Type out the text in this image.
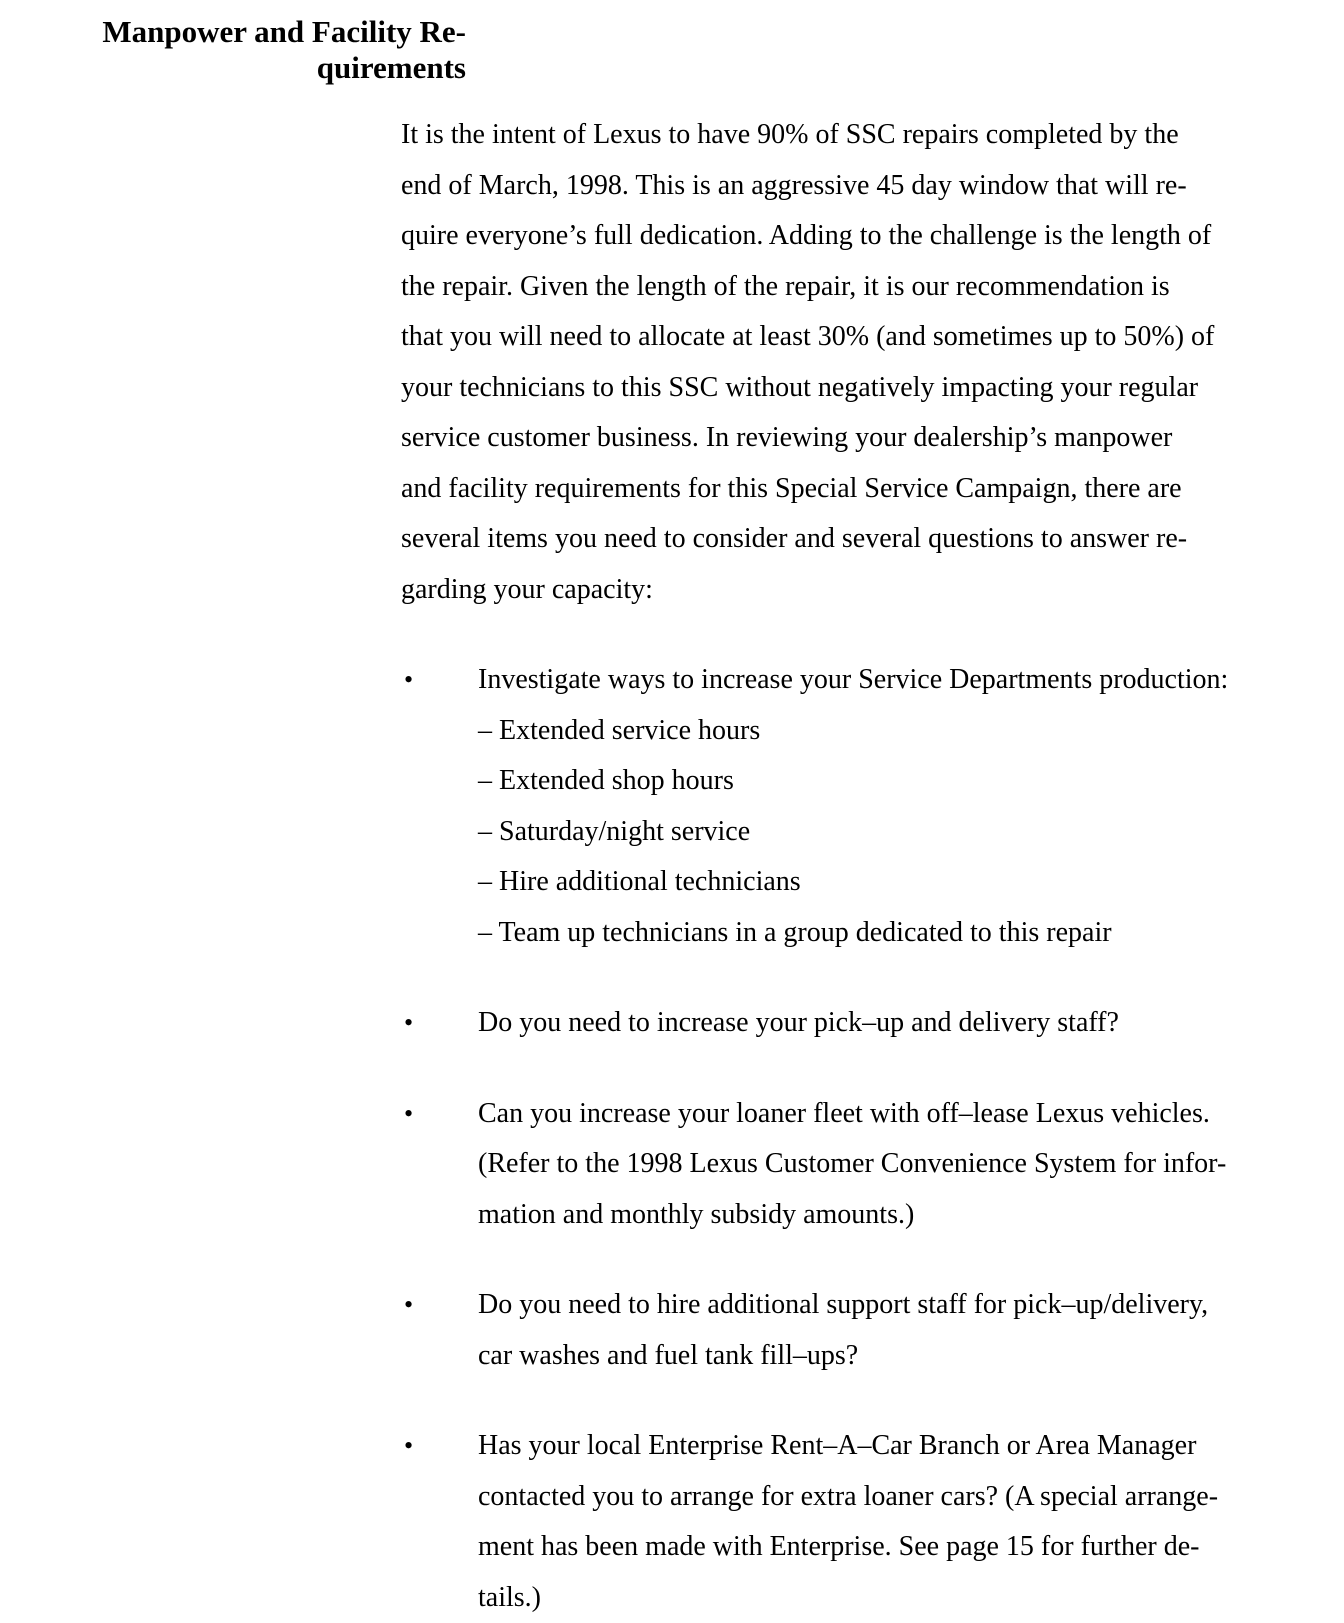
Manpower and Facility Re-
quirements

It is the intent of Lexus to have 90% of SSC repairs completed by the
end of March, 1998. This is an aggressive 45 day window that will re-
quire everyone’s full dedication. Adding to the challenge is the length of
the repair. Given the length of the repair, it is our recommendation is
that you will need to allocate at least 30% (and sometimes up to 50%) of
your technicians to this SSC without negatively impacting your regular
service customer business. In reviewing your dealership’s manpower
and facility requirements for this Special Service Campaign, there are
several items you need to consider and several questions to answer re-
garding your capacity:

• Investigate ways to increase your Service Departments production:
– Extended service hours
– Extended shop hours
– Saturday/night service
– Hire additional technicians
– Team up technicians in a group dedicated to this repair
• Do you need to increase your pick–up and delivery staff?
• Can you increase your loaner fleet with off–lease Lexus vehicles.
(Refer to the 1998 Lexus Customer Convenience System for infor-
mation and monthly subsidy amounts.)
• Do you need to hire additional support staff for pick–up/delivery,
car washes and fuel tank fill–ups?
• Has your local Enterprise Rent–A–Car Branch or Area Manager
contacted you to arrange for extra loaner cars? (A special arrange-
ment has been made with Enterprise. See page 15 for further de-
tails.)
